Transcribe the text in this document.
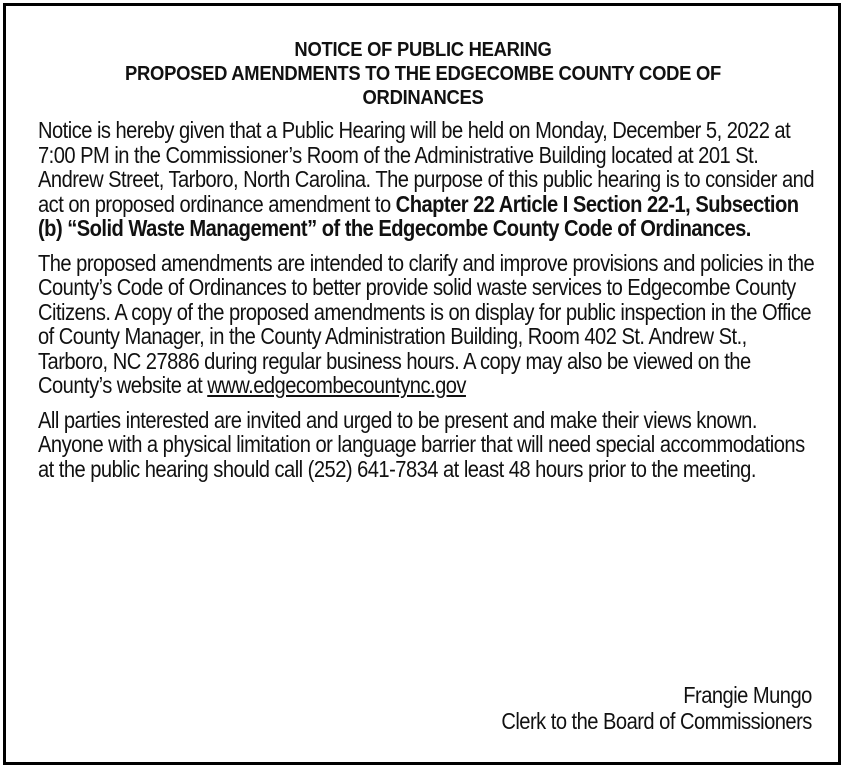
NOTICE OF PUBLIC HEARING
PROPOSED AMENDMENTS TO THE EDGECOMBE COUNTY CODE OF
ORDINANCES

Notice is hereby given that a Public Hearing will be held on Monday, December 5, 2022 at 7:00 PM in the Commissioner’s Room of the Administrative Building located at 201 St. Andrew Street, Tarboro, North Carolina. The purpose of this public hearing is to consider and act on proposed ordinance amendment to Chapter 22 Article I Section 22-1, Subsection (b) “Solid Waste Management” of the Edgecombe County Code of Ordinances.

The proposed amendments are intended to clarify and improve provisions and policies in the County’s Code of Ordinances to better provide solid waste services to Edgecombe County Citizens. A copy of the proposed amendments is on display for public inspection in the Office of County Manager, in the County Administration Building, Room 402 St. Andrew St., Tarboro, NC 27886 during regular business hours. A copy may also be viewed on the County’s website at www.edgecombecountync.gov

All parties interested are invited and urged to be present and make their views known. Anyone with a physical limitation or language barrier that will need special accommodations at the public hearing should call (252) 641-7834 at least 48 hours prior to the meeting.

Frangie Mungo
Clerk to the Board of Commissioners
